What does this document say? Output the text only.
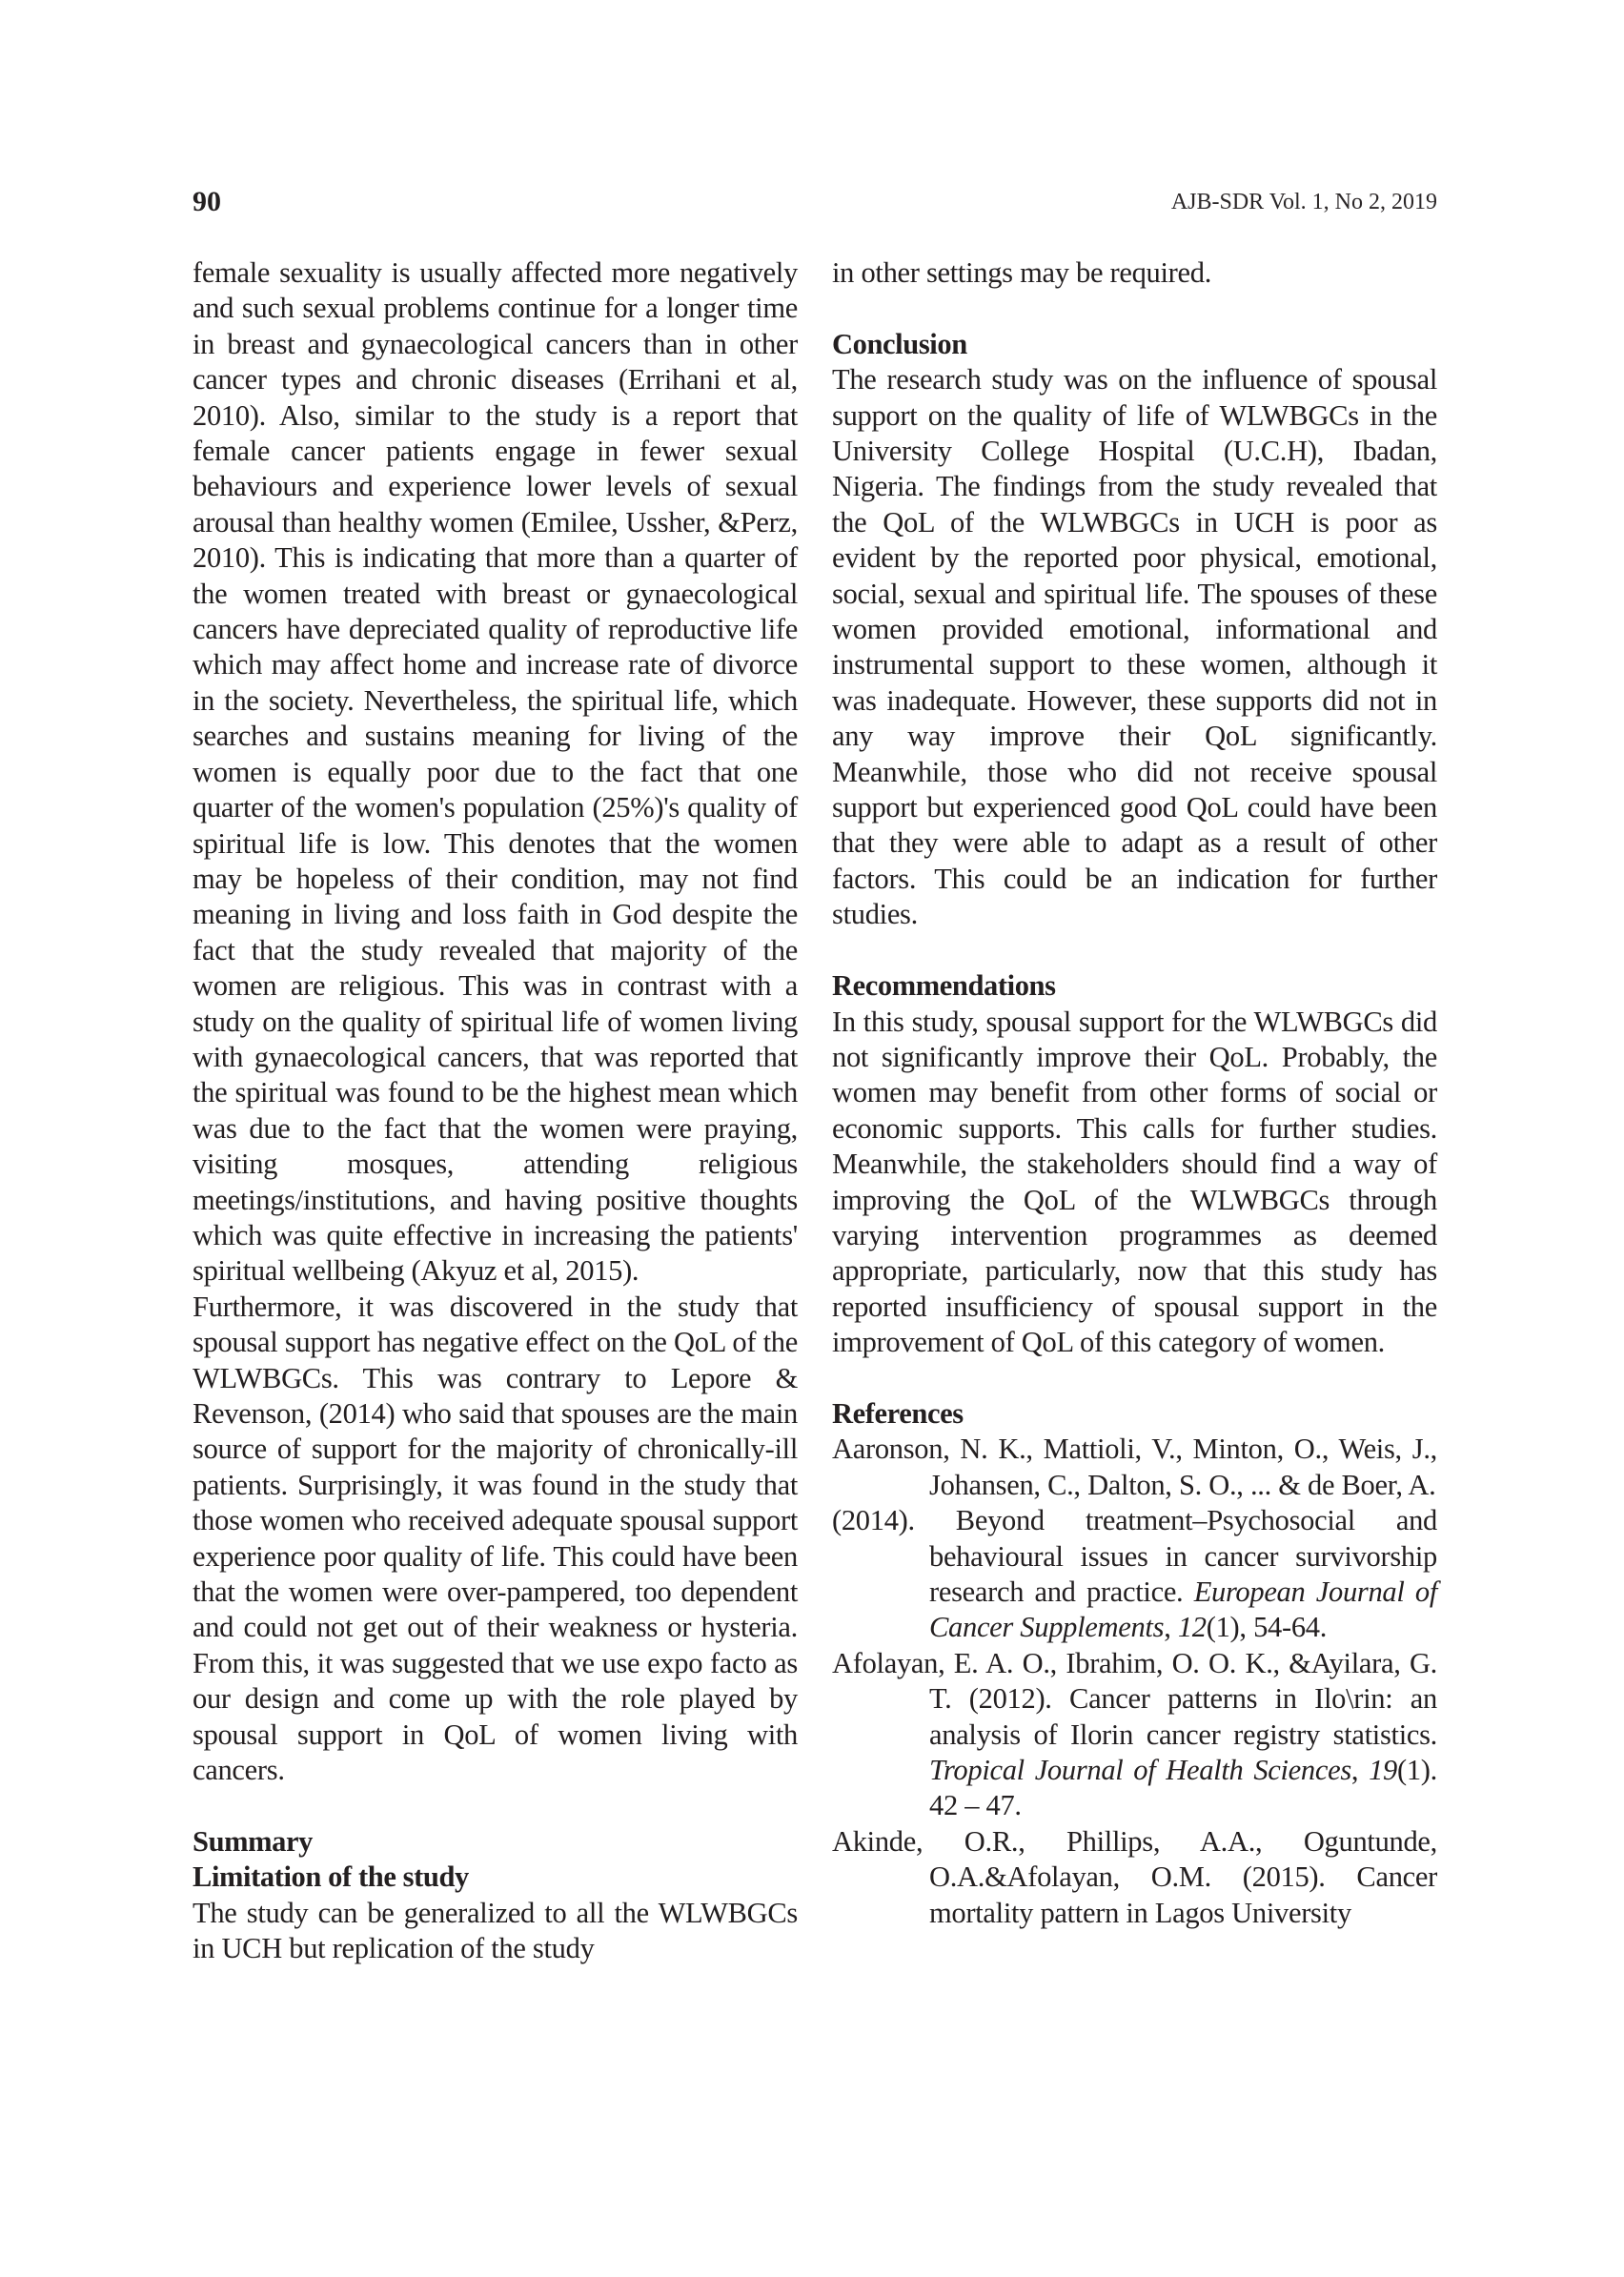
90	AJB-SDR Vol. 1, No 2, 2019

female sexuality is usually affected more negatively and such sexual problems continue for a longer time in breast and gynaecological cancers than in other cancer types and chronic diseases (Errihani et al, 2010). Also, similar to the study is a report that female cancer patients engage in fewer sexual behaviours and experience lower levels of sexual arousal than healthy women (Emilee, Ussher, &Perz, 2010). This is indicating that more than a quarter of the women treated with breast or gynaecological cancers have depreciated quality of reproductive life which may affect home and increase rate of divorce in the society. Nevertheless, the spiritual life, which searches and sustains meaning for living of the women is equally poor due to the fact that one quarter of the women's population (25%)'s quality of spiritual life is low. This denotes that the women may be hopeless of their condition, may not find meaning in living and loss faith in God despite the fact that the study revealed that majority of the women are religious. This was in contrast with a study on the quality of spiritual life of women living with gynaecological cancers, that was reported that the spiritual was found to be the highest mean which was due to the fact that the women were praying, visiting mosques, attending religious meetings/institutions, and having positive thoughts which was quite effective in increasing the patients' spiritual wellbeing (Akyuz et al, 2015).

Furthermore, it was discovered in the study that spousal support has negative effect on the QoL of the WLWBGCs. This was contrary to Lepore & Revenson, (2014) who said that spouses are the main source of support for the majority of chronically-ill patients. Surprisingly, it was found in the study that those women who received adequate spousal support experience poor quality of life. This could have been that the women were over-pampered, too dependent and could not get out of their weakness or hysteria. From this, it was suggested that we use expo facto as our design and come up with the role played by spousal support in QoL of women living with cancers.

Summary

Limitation of the study

The study can be generalized to all the WLWBGCs in UCH but replication of the study

in other settings may be required.

Conclusion

The research study was on the influence of spousal support on the quality of life of WLWBGCs in the University College Hospital (U.C.H), Ibadan, Nigeria. The findings from the study revealed that the QoL of the WLWBGCs in UCH is poor as evident by the reported poor physical, emotional, social, sexual and spiritual life. The spouses of these women provided emotional, informational and instrumental support to these women, although it was inadequate. However, these supports did not in any way improve their QoL significantly. Meanwhile, those who did not receive spousal support but experienced good QoL could have been that they were able to adapt as a result of other factors. This could be an indication for further studies.

Recommendations

In this study, spousal support for the WLWBGCs did not significantly improve their QoL. Probably, the women may benefit from other forms of social or economic supports. This calls for further studies. Meanwhile, the stakeholders should find a way of improving the QoL of the WLWBGCs through varying intervention programmes as deemed appropriate, particularly, now that this study has reported insufficiency of spousal support in the improvement of QoL of this category of women.

References

Aaronson, N. K., Mattioli, V., Minton, O., Weis, J., Johansen, C., Dalton, S. O., ... & de Boer, A.

(2014). Beyond treatment–Psychosocial and behavioural issues in cancer survivorship research and practice. European Journal of Cancer Supplements, 12(1), 54-64.

Afolayan, E. A. O., Ibrahim, O. O. K., &Ayilara, G. T. (2012). Cancer patterns in Ilo\rin: an analysis of Ilorin cancer registry statistics. Tropical Journal of Health Sciences, 19(1). 42 – 47.

Akinde, O.R., Phillips, A.A., Oguntunde, O.A.&Afolayan, O.M. (2015). Cancer mortality pattern in Lagos University
